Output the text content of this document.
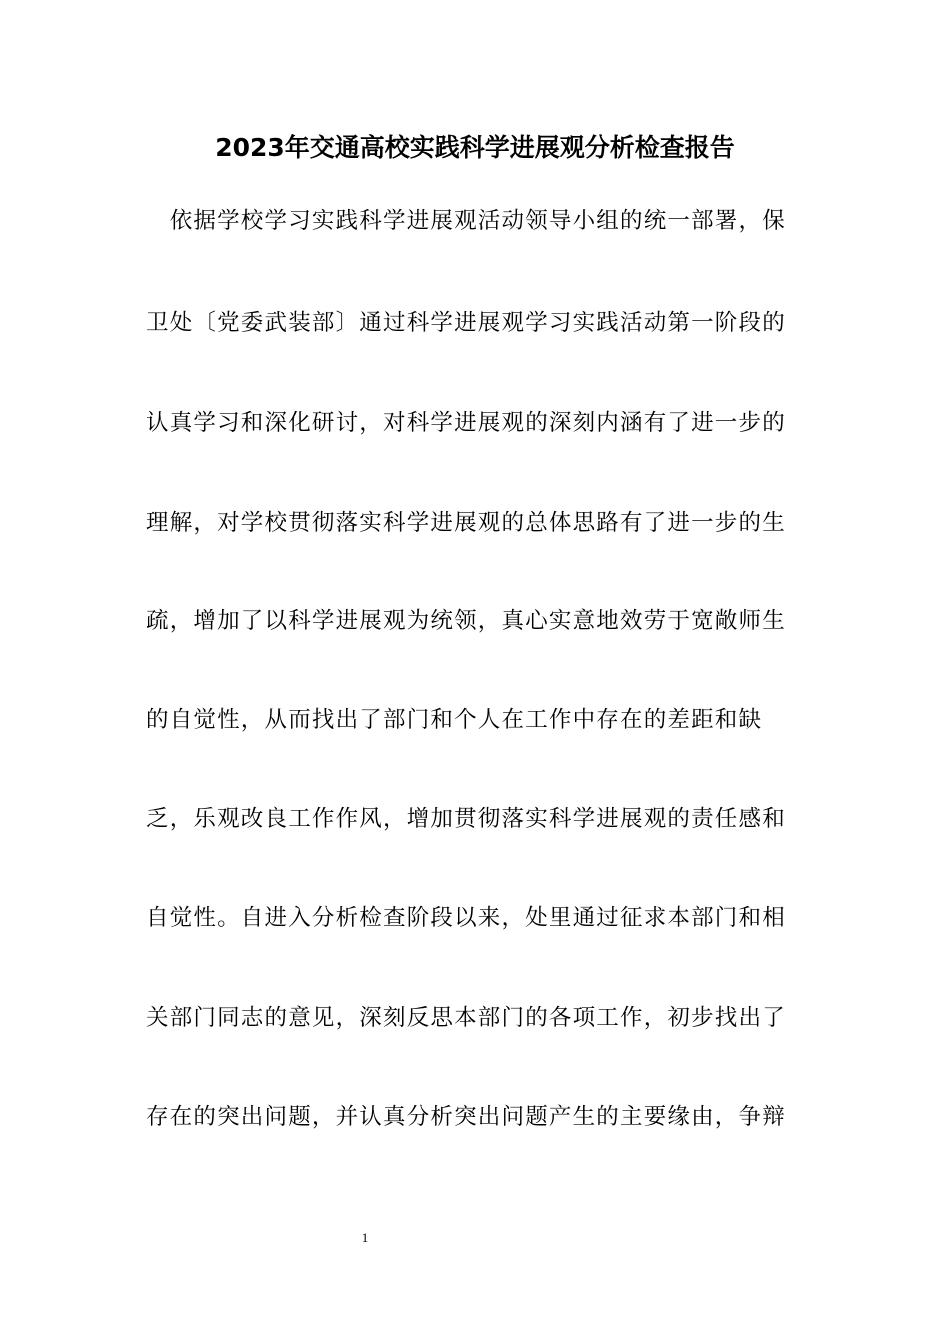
2023年交通高校实践科学进展观分析检查报告
　依据学校学习实践科学进展观活动领导小组的统一部署，保
卫处〔党委武装部〕通过科学进展观学习实践活动第一阶段的
认真学习和深化研讨，对科学进展观的深刻内涵有了进一步的
理解，对学校贯彻落实科学进展观的总体思路有了进一步的生
疏，增加了以科学进展观为统领，真心实意地效劳于宽敞师生
的自觉性，从而找出了部门和个人在工作中存在的差距和缺
乏，乐观改良工作作风，增加贯彻落实科学进展观的责任感和
自觉性。自进入分析检查阶段以来，处里通过征求本部门和相
关部门同志的意见，深刻反思本部门的各项工作，初步找出了
存在的突出问题，并认真分析突出问题产生的主要缘由，争辩
1
